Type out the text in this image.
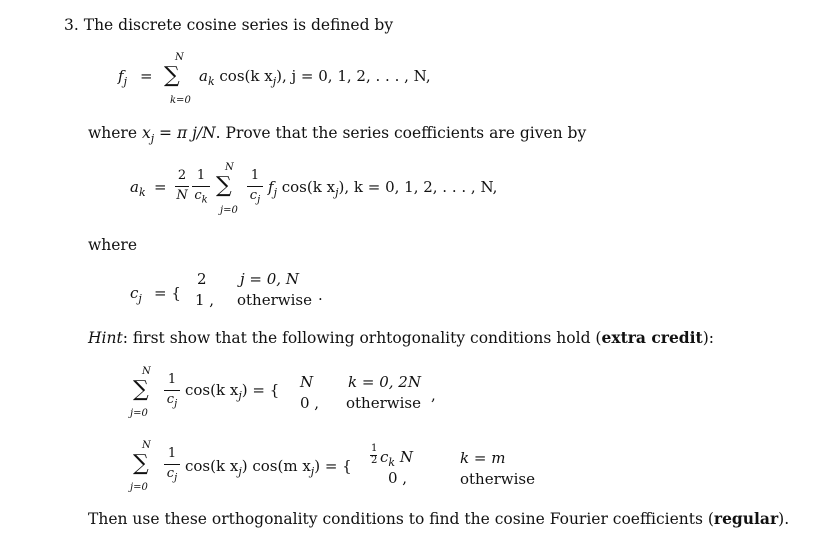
3. The discrete cosine series is defined by
$f_j$ =
N
∑
k=0
$a_k$ cos(k $x_j$), j = 0, 1, 2, . . . , N,
where $x_j = \pi$ j/N. Prove that the series coefficients are given by
$a_k$ =
2
N
1
$c_k$
N
∑
j=0
1
$c_j$
$f_j$ cos(k $x_j$), k = 0, 1, 2, . . . , N,
where
$c_j$ = {
2 j = 0, N
1 , otherwise .
Hint: first show that the following orhtogonality conditions hold (extra credit):
N
∑
j=0
1
$c_j$
cos(k $x_j$) = { N k = 0, 2N
0 , otherwise ,
N
∑
j=0
1
$c_j$
cos(k $x_j$) cos(m $x_j$) = {
1
2 $c_k$ N	k = m
0 ,	otherwise
Then use these orthogonality conditions to find the cosine Fourier coefficients (regular).
